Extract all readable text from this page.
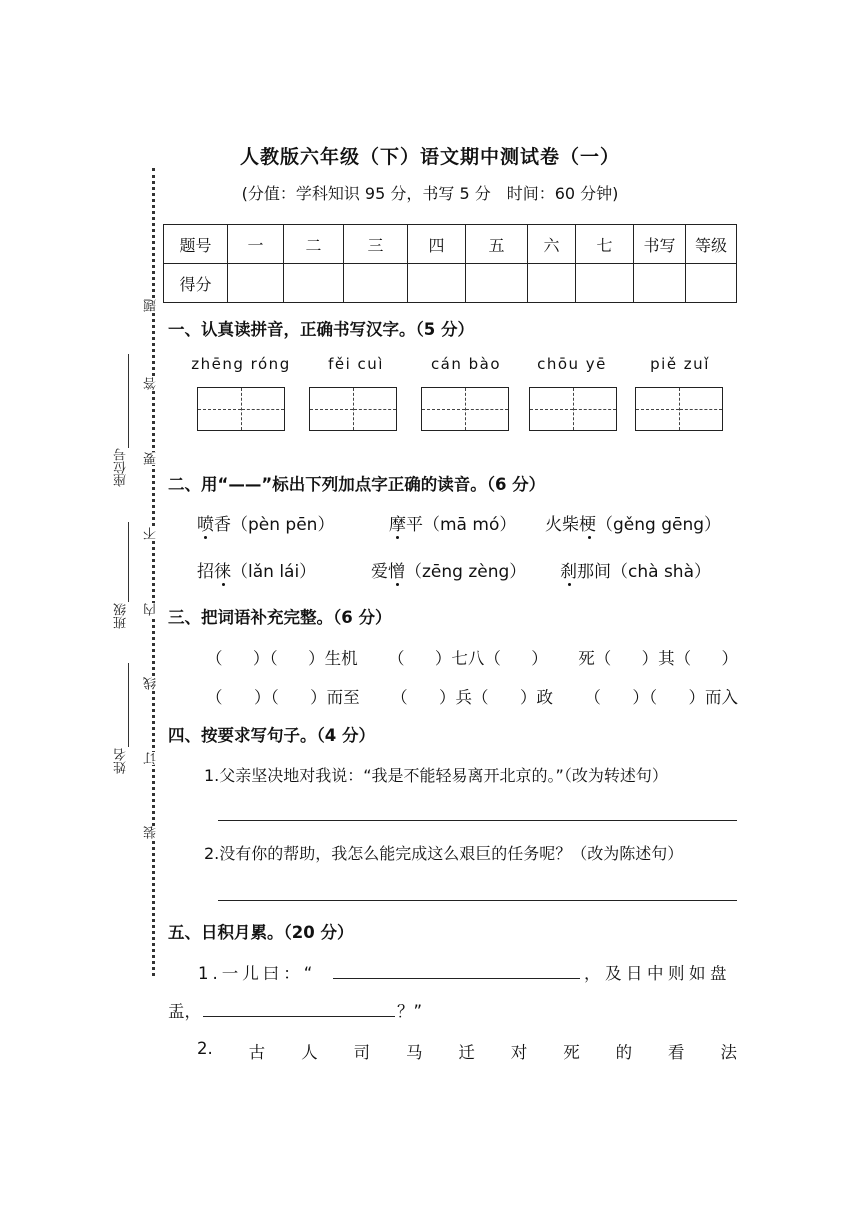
人教版六年级（下）语文期中测试卷（一）
(分值：学科知识 95 分，书写 5 分　时间：60 分钟)
题号	一	二	三	四	五	六	七	书写	等级
得分									
题
答
要
不
内
线
订
装
座位号
班级
姓名
一、认真读拼音，正确书写汉字。（5 分）
zhēng róng	fěi cuì	cán bào	chōu yē	piě zuǐ
二、用“——”标出下列加点字正确的读音。（6 分）
喷香（pèn pēn）	摩平（mā mó） 火柴梗（gěng gēng）
招徕（lǎn lái）	爱憎（zēng zèng） 刹那间（chà shà）
三、把词语补充完整。（6 分）
（ ）（ ）生机 （ ）七八（ ） 死（ ）其（ ）
（ ）（ ）而至 （ ）兵（ ）政 （ ）（ ）而入
四、按要求写句子。（4 分）
1.父亲坚决地对我说：“我是不能轻易离开北京的。”（改为转述句）
2.没有你的帮助，我怎么能完成这么艰巨的任务呢？（改为陈述句）
五、日积月累。（20 分）
1.一儿曰：“	，及日中则如盘
盂，	？”
2. 古 人 司 马 迁 对 死 的 看 法
